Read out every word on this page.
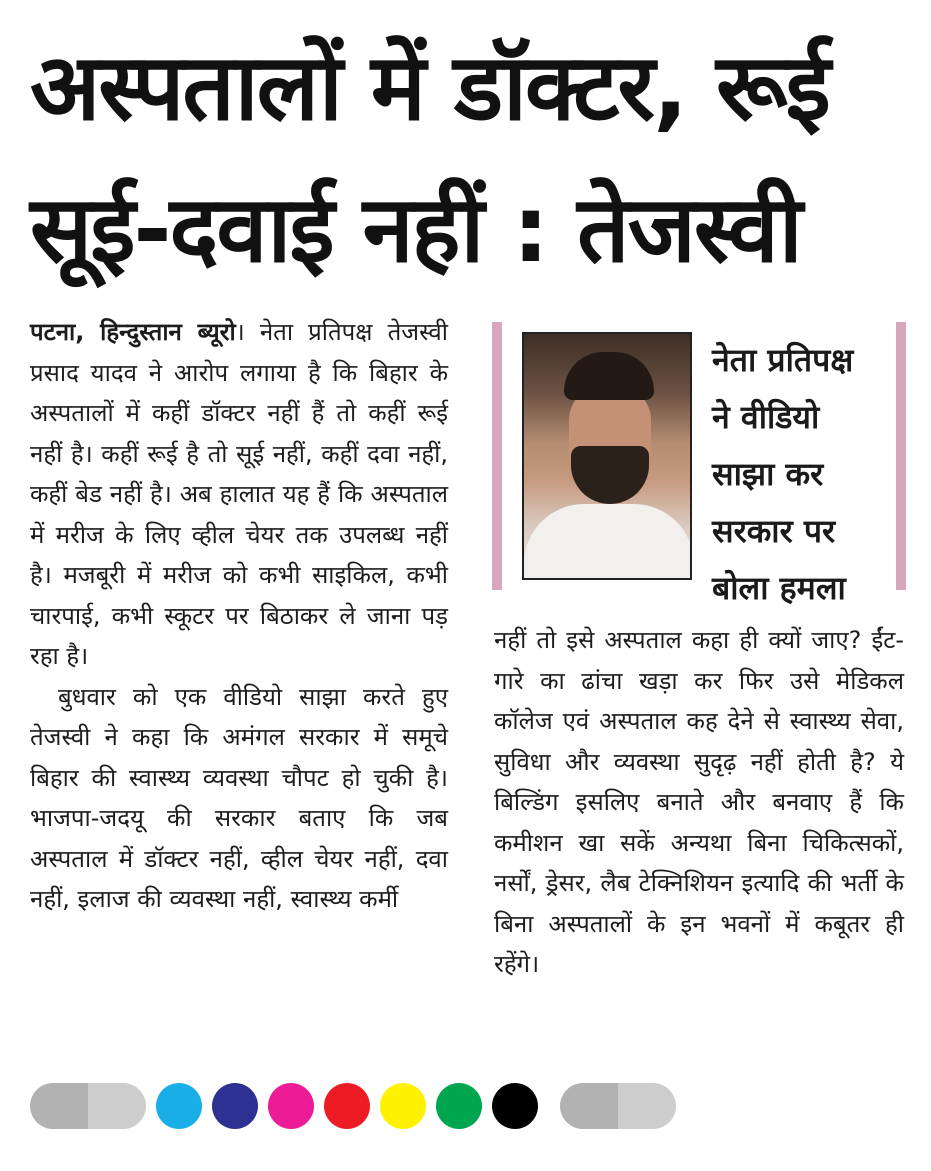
अस्पतालों में डॉक्टर, रूई
सूई-दवाई नहीं : तेजस्वी

पटना, हिन्दुस्तान ब्यूरो। नेता प्रतिपक्ष तेजस्वी प्रसाद यादव ने आरोप लगाया है कि बिहार के अस्पतालों में कहीं डॉक्टर नहीं हैं तो कहीं रूई नहीं है। कहीं रूई है तो सूई नहीं, कहीं दवा नहीं, कहीं बेड नहीं है। अब हालात यह हैं कि अस्पताल में मरीज के लिए व्हील चेयर तक उपलब्ध नहीं है। मजबूरी में मरीज को कभी साइकिल, कभी चारपाई, कभी स्कूटर पर बिठाकर ले जाना पड़ रहा है।

बुधवार को एक वीडियो साझा करते हुए तेजस्वी ने कहा कि अमंगल सरकार में समूचे बिहार की स्वास्थ्य व्यवस्था चौपट हो चुकी है। भाजपा-जदयू की सरकार बताए कि जब अस्पताल में डॉक्टर नहीं, व्हील चेयर नहीं, दवा नहीं, इलाज की व्यवस्था नहीं, स्वास्थ्य कर्मी

नेता प्रतिपक्ष
ने वीडियो
साझा कर
सरकार पर
बोला हमला

नहीं तो इसे अस्पताल कहा ही क्यों जाए? ईंट-गारे का ढांचा खड़ा कर फिर उसे मेडिकल कॉलेज एवं अस्पताल कह देने से स्वास्थ्य सेवा, सुविधा और व्यवस्था सुदृढ़ नहीं होती है? ये बिल्डिंग इसलिए बनाते और बनवाए हैं कि कमीशन खा सकें अन्यथा बिना चिकित्सकों, नर्सों, ड्रेसर, लैब टेक्निशियन इत्यादि की भर्ती के बिना अस्पतालों के इन भवनों में कबूतर ही रहेंगे।
